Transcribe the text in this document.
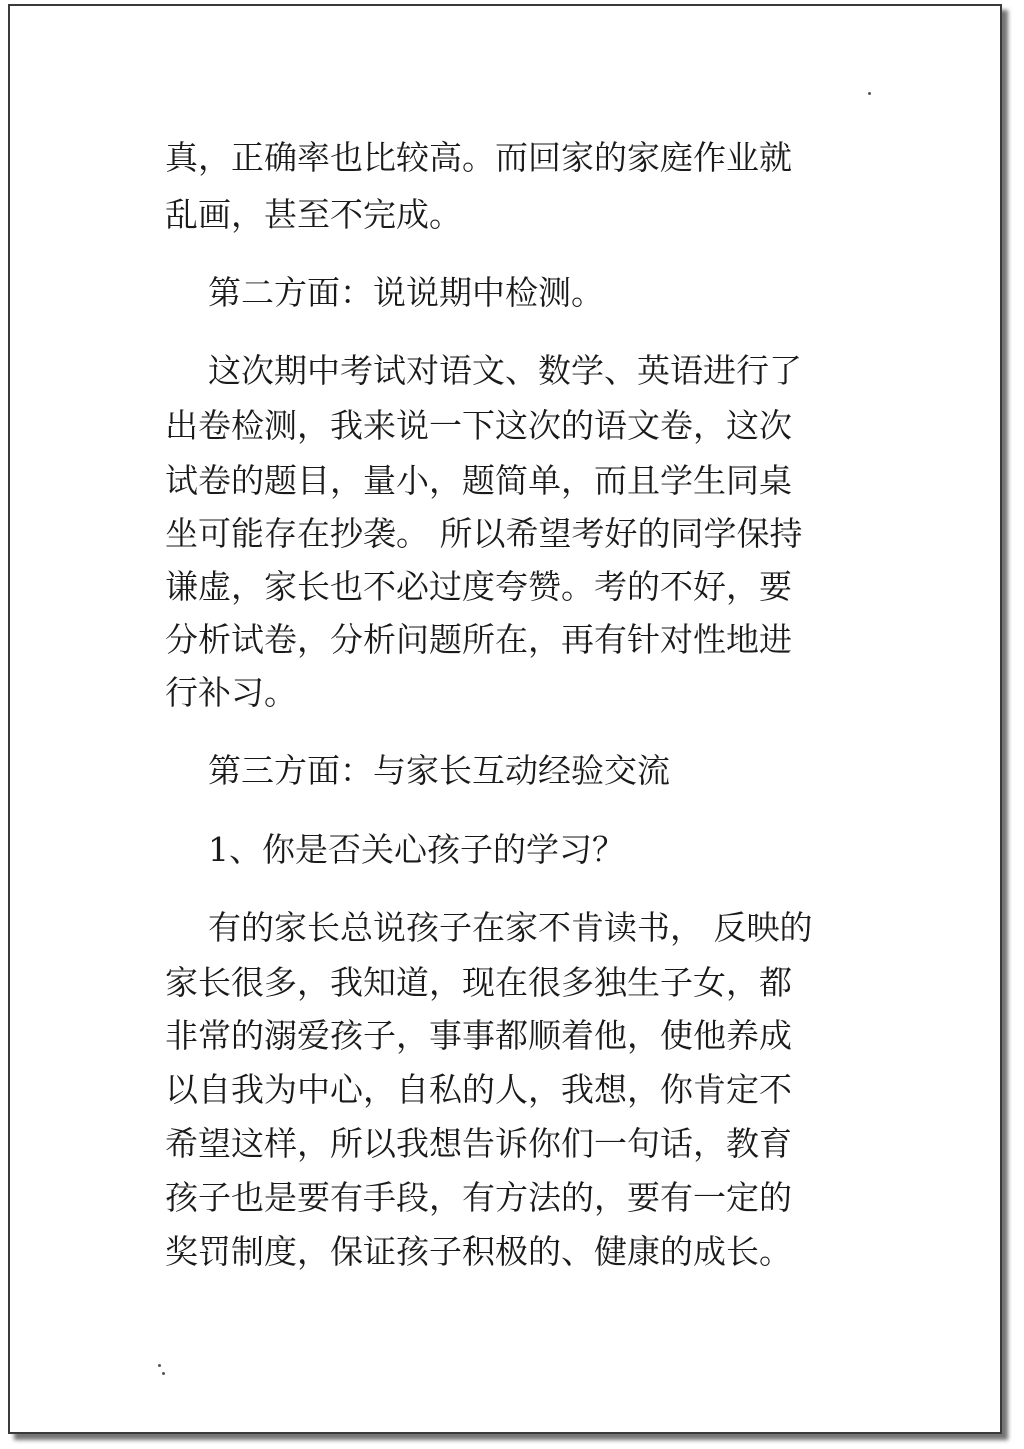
真，正确率也比较高。而回家的家庭作业就
乱画，甚至不完成。
第二方面：说说期中检测。
这次期中考试对语文、数学、英语进行了
出卷检测，我来说一下这次的语文卷，这次
试卷的题目，量小，题简单，而且学生同桌
坐可能存在抄袭。 所以希望考好的同学保持
谦虚，家长也不必过度夸赞。考的不好，要
分析试卷，分析问题所在，再有针对性地进
行补习。
第三方面：与家长互动经验交流
1、你是否关心孩子的学习？
有的家长总说孩子在家不肯读书， 反映的
家长很多，我知道，现在很多独生子女，都
非常的溺爱孩子，事事都顺着他，使他养成
以自我为中心，自私的人，我想，你肯定不
希望这样，所以我想告诉你们一句话，教育
孩子也是要有手段，有方法的，要有一定的
奖罚制度，保证孩子积极的、健康的成长。
